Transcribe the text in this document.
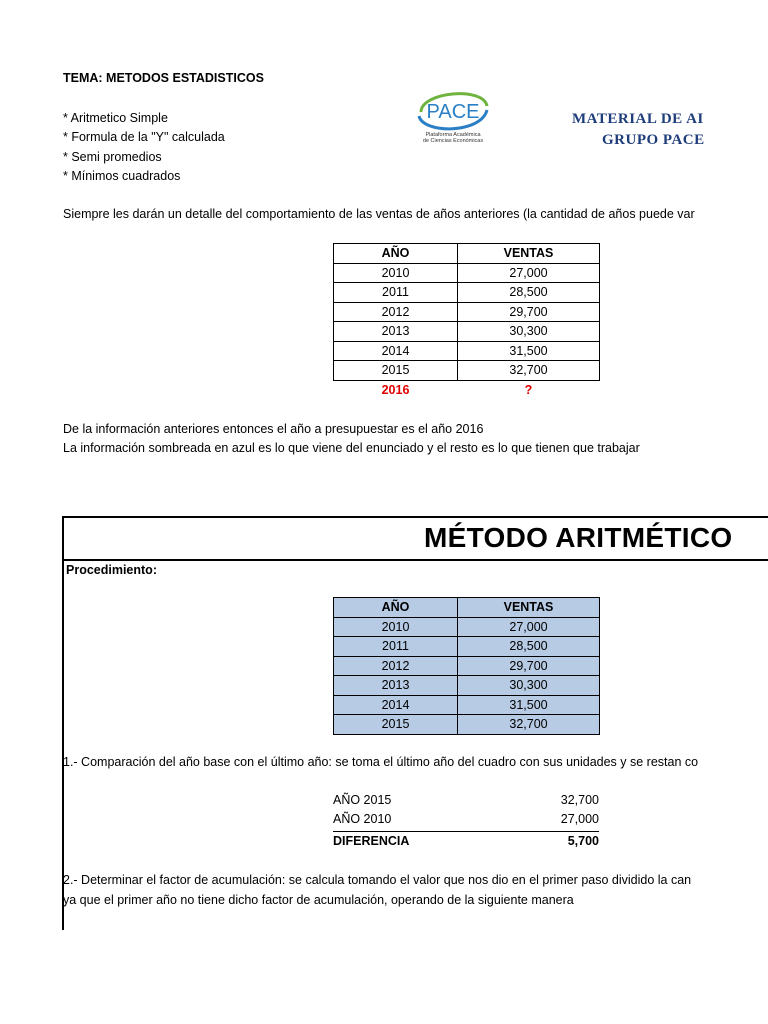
TEMA: METODOS ESTADISTICOS
* Aritmetico Simple
* Formula de la "Y" calculada
* Semi promedios
* Mínimos cuadrados
PACE
Plataforma Académica
de Ciencias Económicas
MATERIAL DE AI
GRUPO PACE
Siempre les darán un detalle del comportamiento de las ventas de años anteriores (la cantidad de años puede var
AÑO	VENTAS
2010	27,000
2011	28,500
2012	29,700
2013	30,300
2014	31,500
2015	32,700
2016	?
De la información anteriores entonces el año a presupuestar es el año 2016
La información sombreada en azul es lo que viene del enunciado y el resto es lo que tienen que trabajar
MÉTODO ARITMÉTICO
Procedimiento:
AÑO	VENTAS
2010	27,000
2011	28,500
2012	29,700
2013	30,300
2014	31,500
2015	32,700
1.- Comparación del año base con el último año: se toma el último año del cuadro con sus unidades y se restan co
AÑO 2015	32,700
AÑO 2010	27,000
DIFERENCIA	5,700
2.- Determinar el factor de acumulación: se calcula tomando el valor que nos dio en el primer paso dividido la can
ya que el primer año no tiene dicho factor de acumulación, operando de la siguiente manera
